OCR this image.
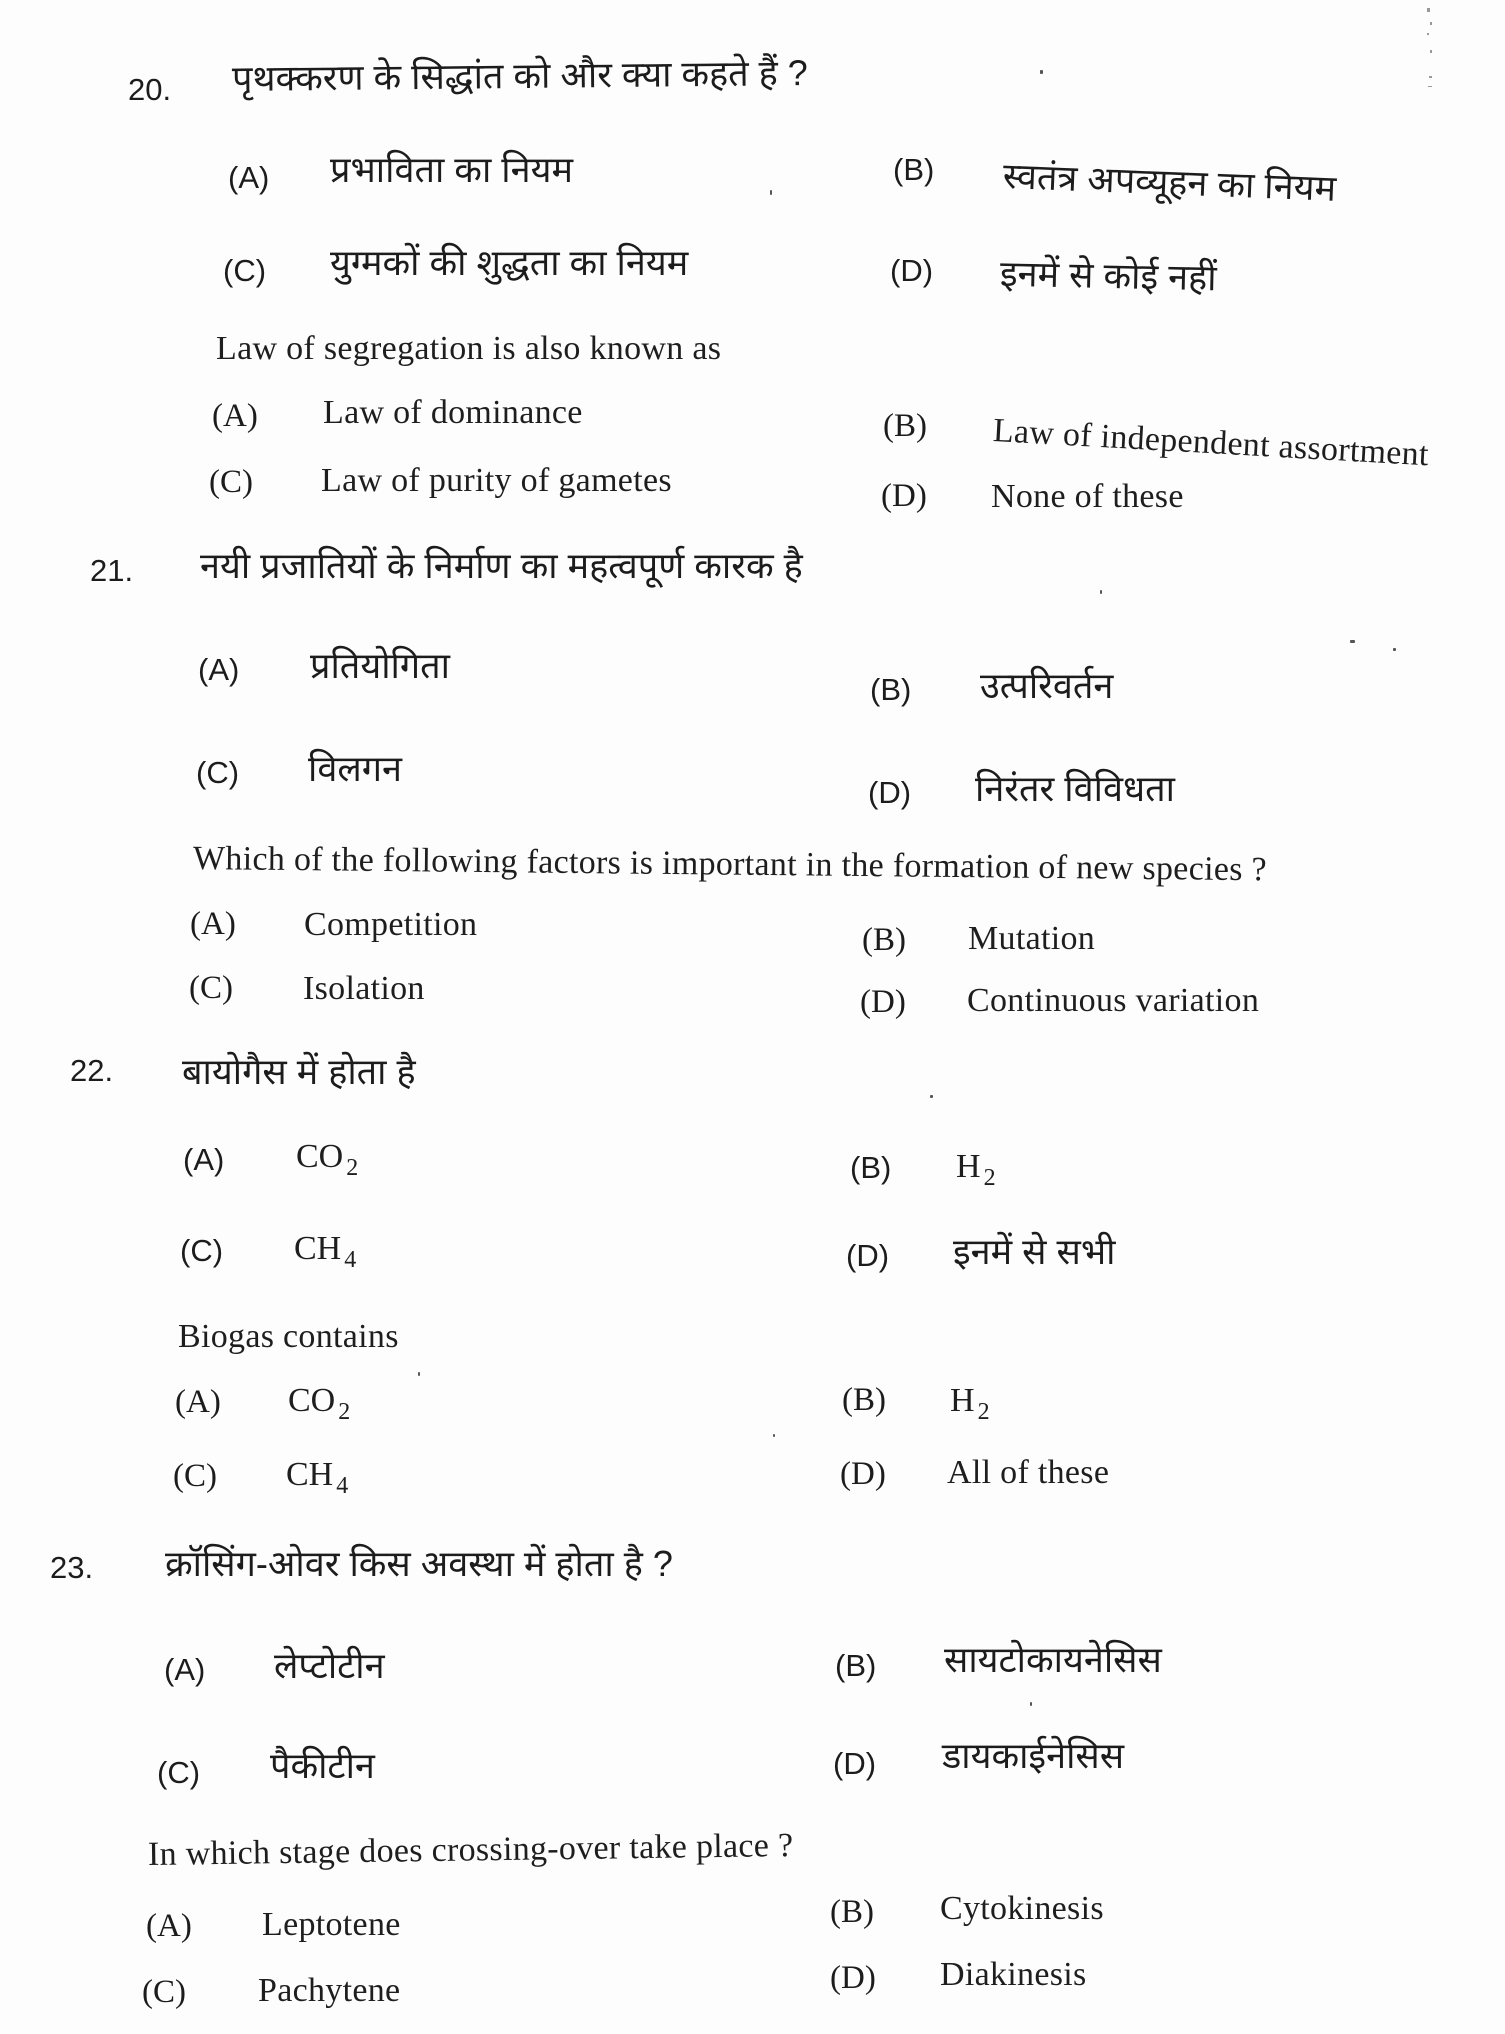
20. पृथक्करण के सिद्धांत को और क्या कहते हैं ?
(A) प्रभाविता का नियम	(B) स्वतंत्र अपव्यूहन का नियम
(C) युग्मकों की शुद्धता का नियम	(D) इनमें से कोई नहीं
Law of segregation is also known as
(A) Law of dominance	(B) Law of independent assortment
(C) Law of purity of gametes	(D) None of these
21. नयी प्रजातियों के निर्माण का महत्वपूर्ण कारक है
(A) प्रतियोगिता
(B) उत्परिवर्तन
(C) विलगन
(D) निरंतर विविधता
Which of the following factors is important in the formation of new species ?
(A) Competition	(B) Mutation
(C) Isolation	(D) Continuous variation
22. बायोगैस में होता है
(A) CO $_2$	(B) H $_2$
(C) CH $_4$	(D) इनमें से सभी
Biogas contains
(A) CO $_2$	(B) H $_2$
(C) CH $_4$	(D) All of these
23. क्रॉसिंग-ओवर किस अवस्था में होता है ?
(A) लेप्टोटीन	(B) सायटोकायनेसिस
(C) पैकीटीन	(D) डायकाईनेसिस
In which stage does crossing-over take place ?
(A) Leptotene	(B) Cytokinesis
(C) Pachytene	(D) Diakinesis
